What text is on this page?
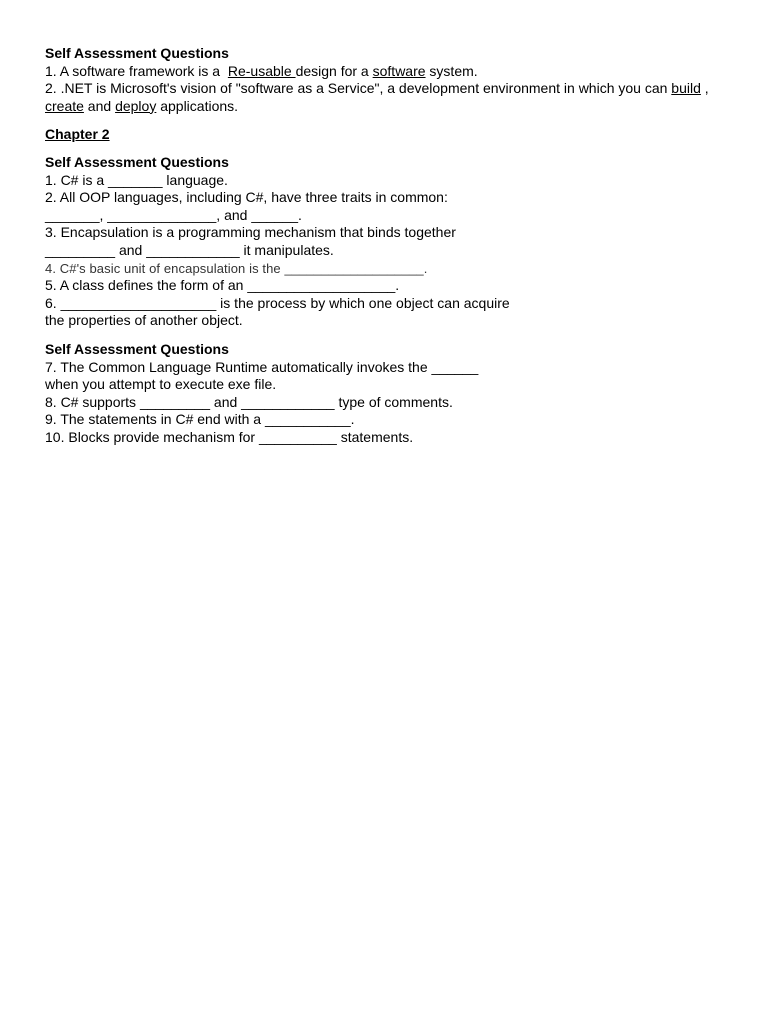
Self Assessment Questions
1. A software framework is a  Re-usable design for a software system.
2. .NET is Microsoft's vision of "software as a Service", a development environment in which you can build ,
create and deploy applications.
Chapter 2
Self Assessment Questions
1. C# is a _______ language.
2. All OOP languages, including C#, have three traits in common:
_______, ______________, and ______.
3. Encapsulation is a programming mechanism that binds together
_________ and ____________ it manipulates.
4. C#'s basic unit of encapsulation is the ___________________.
5. A class defines the form of an ___________________.
6. ____________________ is the process by which one object can acquire
the properties of another object.
Self Assessment Questions
7. The Common Language Runtime automatically invokes the ______
when you attempt to execute exe file.
8. C# supports _________ and ____________ type of comments.
9. The statements in C# end with a ___________.
10. Blocks provide mechanism for __________ statements.
